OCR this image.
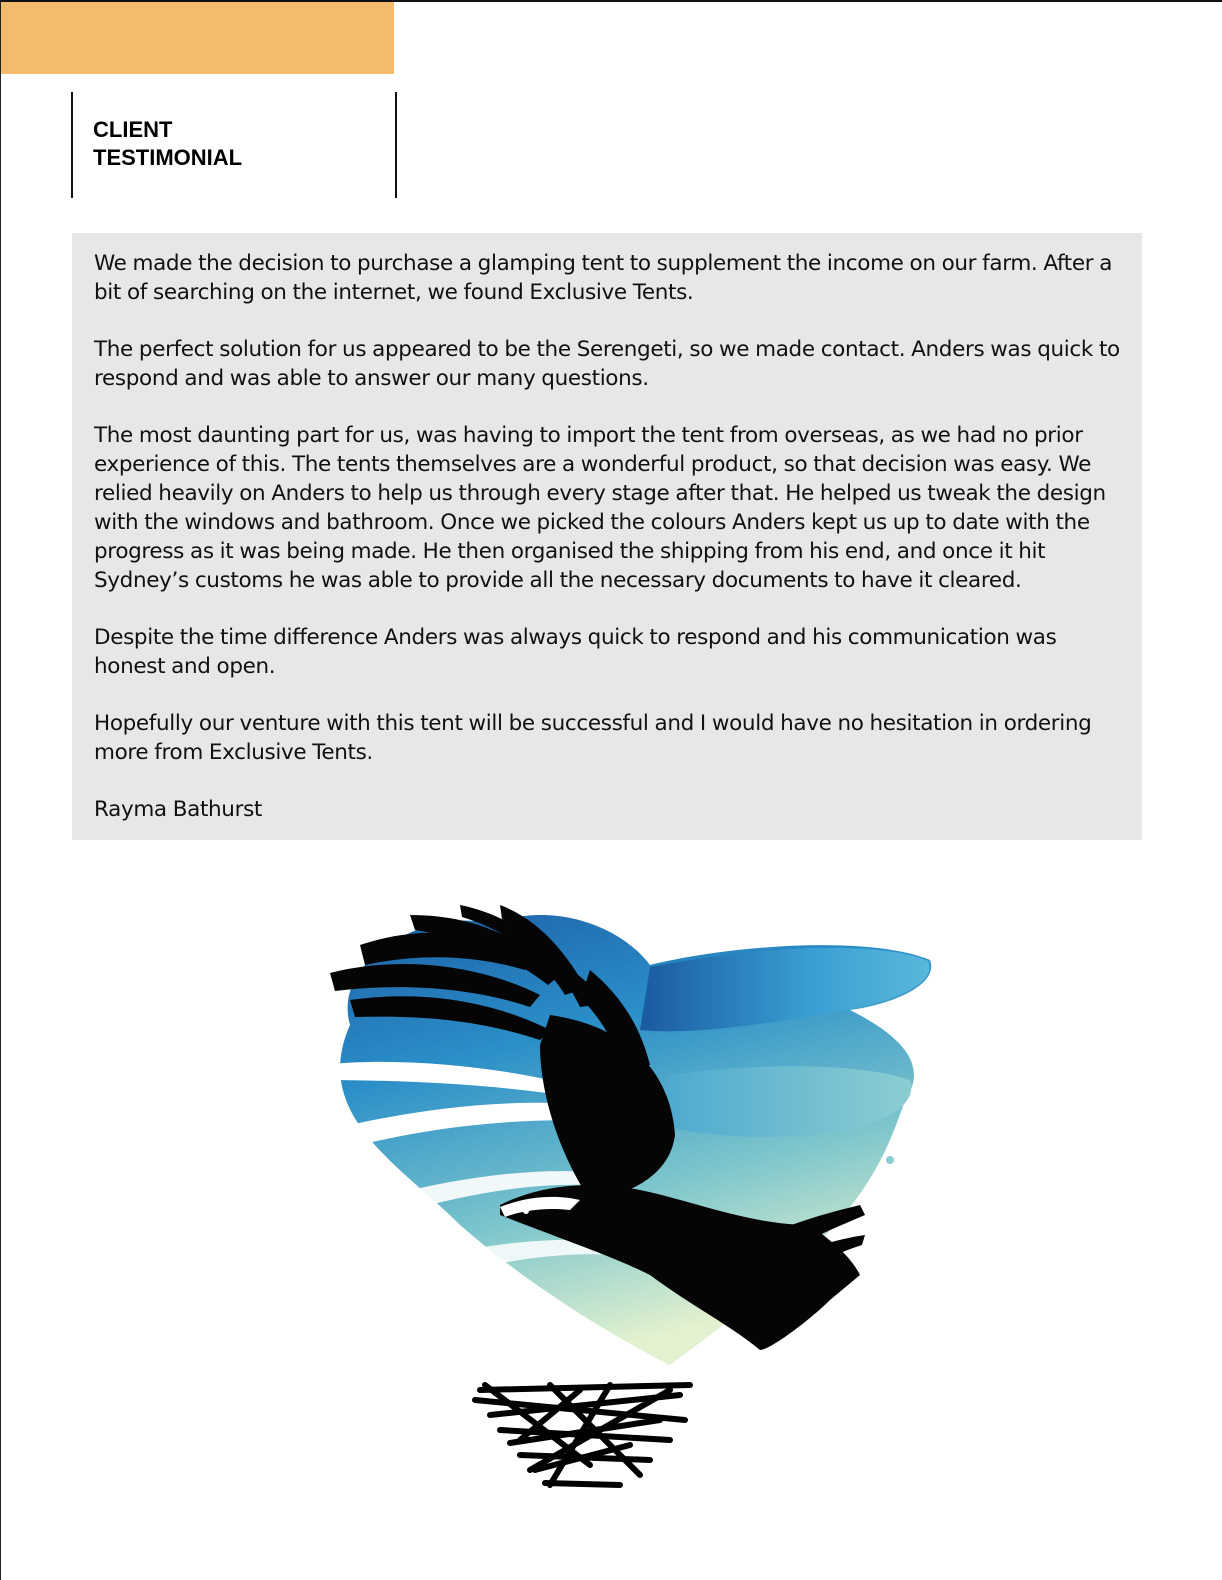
CLIENT
TESTIMONIAL

We made the decision to purchase a glamping tent to supplement the income on our farm. After a bit of searching on the internet, we found Exclusive Tents.

The perfect solution for us appeared to be the Serengeti, so we made contact. Anders was quick to respond and was able to answer our many questions.

The most daunting part for us, was having to import the tent from overseas, as we had no prior experience of this. The tents themselves are a wonderful product, so that decision was easy. We relied heavily on Anders to help us through every stage after that. He helped us tweak the design with the windows and bathroom. Once we picked the colours Anders kept us up to date with the progress as it was being made. He then organised the shipping from his end, and once it hit Sydney’s customs he was able to provide all the necessary documents to have it cleared.

Despite the time difference Anders was always quick to respond and his communication was honest and open.

Hopefully our venture with this tent will be successful and I would have no hesitation in ordering more from Exclusive Tents.

Rayma Bathurst
